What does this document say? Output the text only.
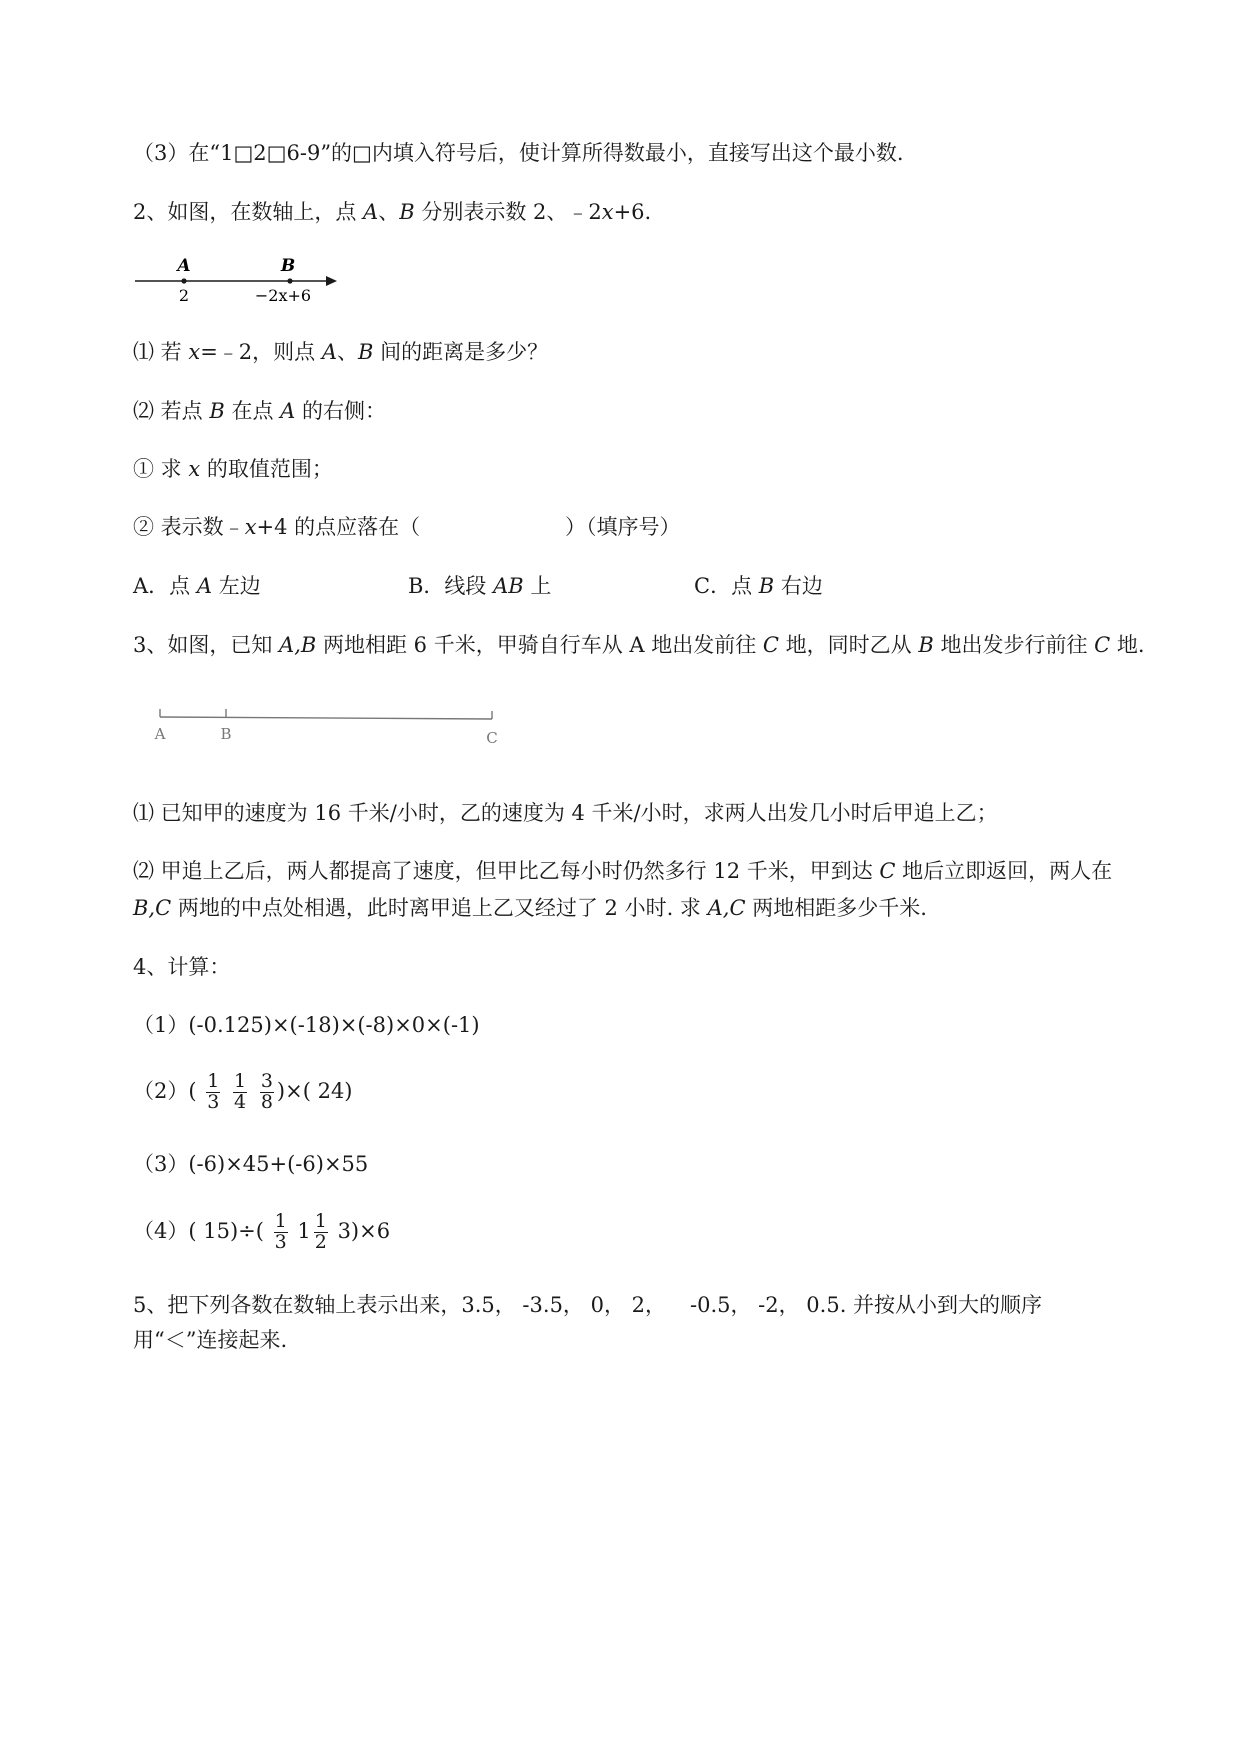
（3）在“1□2□6-9”的□内填入符号后，使计算所得数最小，直接写出这个最小数.
2、如图，在数轴上，点 A、B 分别表示数 2、﹣2x+6.
A	B
2	−2x+6
⑴ 若 x=﹣2，则点 A、B 间的距离是多少？
⑵ 若点 B 在点 A 的右侧：
① 求 x 的取值范围；
② 表示数﹣x+4 的点应落在（	）（填序号）
A．点 A 左边	B．线段 AB 上	C．点 B 右边
3、如图，已知 A,B 两地相距 6 千米，甲骑自行车从 A 地出发前往 C 地，同时乙从 B 地出发步行前往 C 地.
A	B	C
⑴ 已知甲的速度为 16 千米/小时，乙的速度为 4 千米/小时，求两人出发几小时后甲追上乙；
⑵ 甲追上乙后，两人都提高了速度，但甲比乙每小时仍然多行 12 千米，甲到达 C 地后立即返回，两人在
B,C 两地的中点处相遇，此时离甲追上乙又经过了 2 小时. 求 A,C 两地相距多少千米.
4、计算：
（1）(-0.125)×(-18)×(-8)×0×(-1)
$(2)( \frac{1}{3}$
$\frac{1}{4}$
$\frac{3}{8}$ )×( 24)
（3）(-6)×45+(-6)×55
（4）( $15)\div( \frac{1}{3} 1 \frac{1}{2} 3)\times 6$
5、把下列各数在数轴上表示出来，3.5， -3.5， 0， 2， -0.5， -2， 0.5. 并按从小到大的顺序
用“＜”连接起来.
